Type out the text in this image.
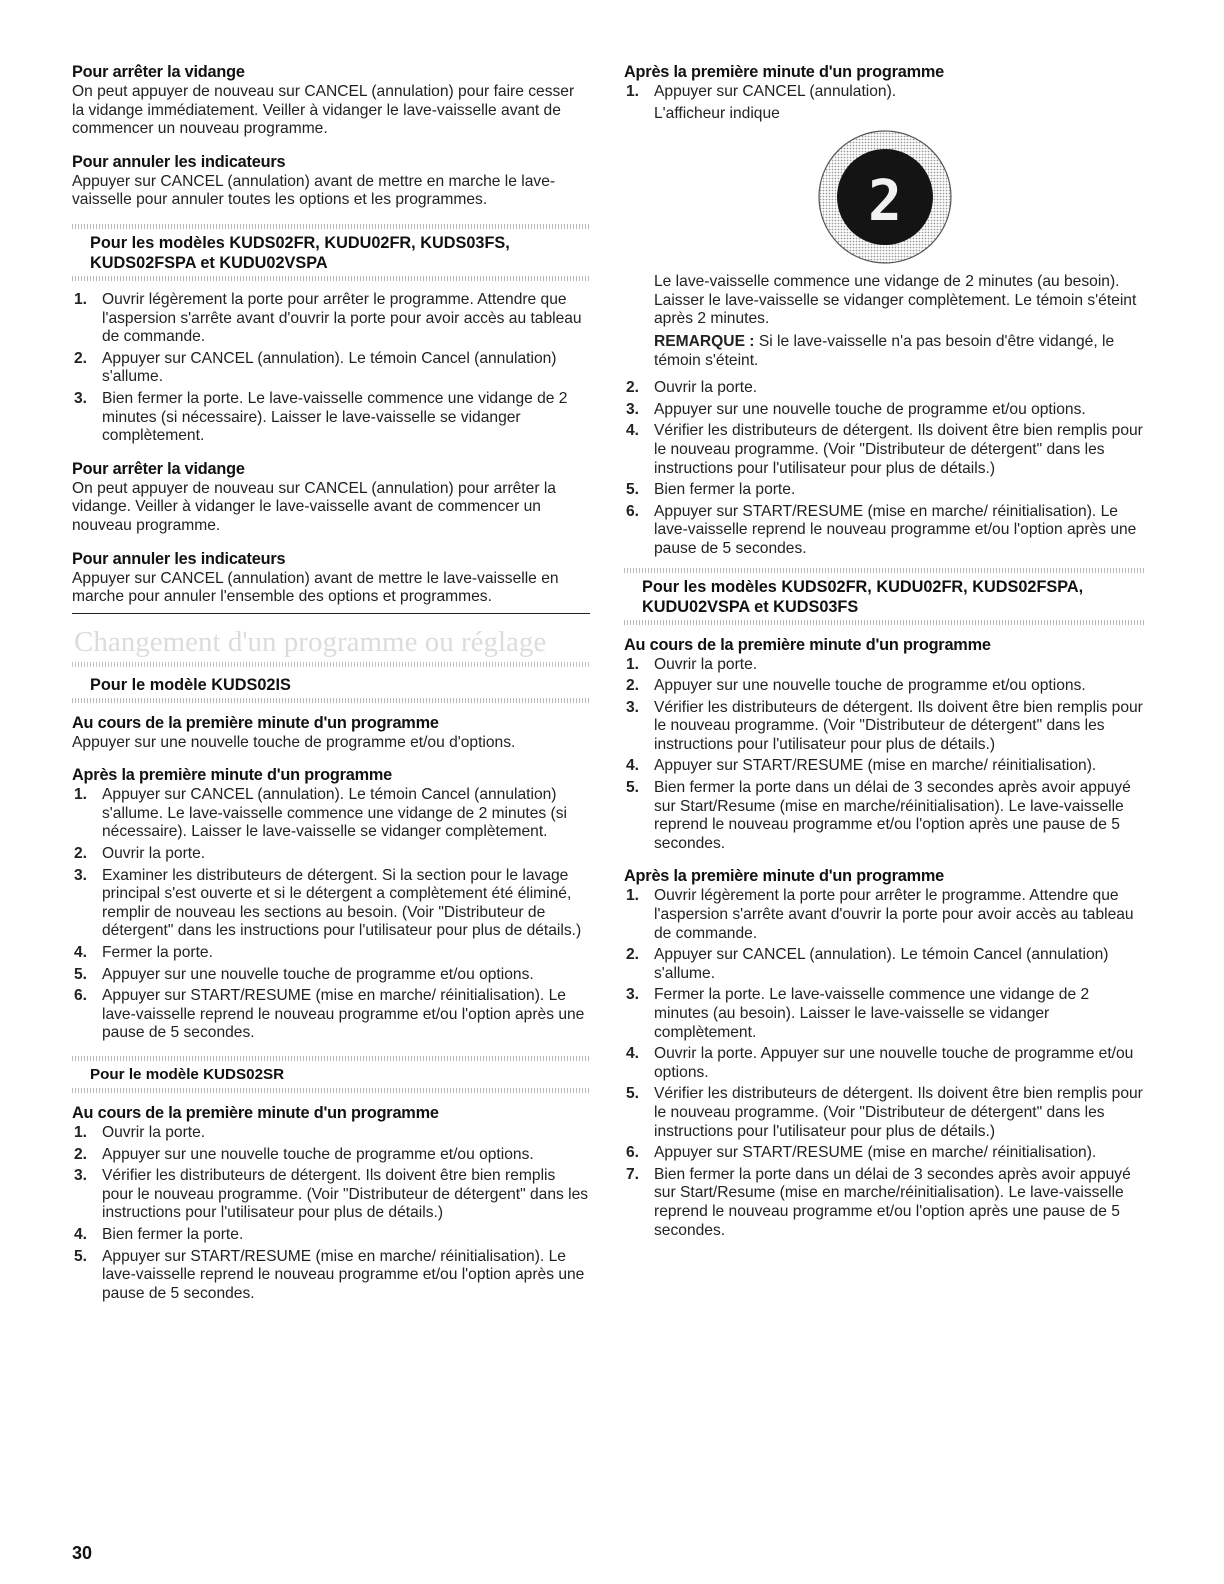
Pour arrêter la vidange

On peut appuyer de nouveau sur CANCEL (annulation) pour faire cesser la vidange immédiatement. Veiller à vidanger le lave-vaisselle avant de commencer un nouveau programme.

Pour annuler les indicateurs

Appuyer sur CANCEL (annulation) avant de mettre en marche le lave-vaisselle pour annuler toutes les options et les programmes.

Pour les modèles KUDS02FR, KUDU02FR, KUDS03FS, KUDS02FSPA et KUDU02VSPA
1. Ouvrir légèrement la porte pour arrêter le programme. Attendre que l'aspersion s'arrête avant d'ouvrir la porte pour avoir accès au tableau de commande.
2. Appuyer sur CANCEL (annulation). Le témoin Cancel (annulation) s'allume.
3. Bien fermer la porte. Le lave-vaisselle commence une vidange de 2 minutes (si nécessaire). Laisser le lave-vaisselle se vidanger complètement.
Pour arrêter la vidange

On peut appuyer de nouveau sur CANCEL (annulation) pour arrêter la vidange. Veiller à vidanger le lave-vaisselle avant de commencer un nouveau programme.

Pour annuler les indicateurs

Appuyer sur CANCEL (annulation) avant de mettre le lave-vaisselle en marche pour annuler l'ensemble des options et programmes.

Changement d'un programme ou réglage
Pour le modèle KUDS02IS
Au cours de la première minute d'un programme

Appuyer sur une nouvelle touche de programme et/ou d'options.

Après la première minute d'un programme
1. Appuyer sur CANCEL (annulation). Le témoin Cancel (annulation) s'allume. Le lave-vaisselle commence une vidange de 2 minutes (si nécessaire). Laisser le lave-vaisselle se vidanger complètement.
2. Ouvrir la porte.
3. Examiner les distributeurs de détergent. Si la section pour le lavage principal s'est ouverte et si le détergent a complètement été éliminé, remplir de nouveau les sections au besoin. (Voir "Distributeur de détergent" dans les instructions pour l'utilisateur pour plus de détails.)
4. Fermer la porte.
5. Appuyer sur une nouvelle touche de programme et/ou options.
6. Appuyer sur START/RESUME (mise en marche/ réinitialisation). Le lave-vaisselle reprend le nouveau programme et/ou l'option après une pause de 5 secondes.
Pour le modèle KUDS02SR
Au cours de la première minute d'un programme
1. Ouvrir la porte.
2. Appuyer sur une nouvelle touche de programme et/ou options.
3. Vérifier les distributeurs de détergent. Ils doivent être bien remplis pour le nouveau programme. (Voir "Distributeur de détergent" dans les instructions pour l'utilisateur pour plus de détails.)
4. Bien fermer la porte.
5. Appuyer sur START/RESUME (mise en marche/ réinitialisation). Le lave-vaisselle reprend le nouveau programme et/ou l'option après une pause de 5 secondes.
Après la première minute d'un programme
1. Appuyer sur CANCEL (annulation).

L'afficheur indique

2

Le lave-vaisselle commence une vidange de 2 minutes (au besoin). Laisser le lave-vaisselle se vidanger complètement. Le témoin s'éteint après 2 minutes.

REMARQUE : Si le lave-vaisselle n'a pas besoin d'être vidangé, le témoin s'éteint.
2. Ouvrir la porte.
3. Appuyer sur une nouvelle touche de programme et/ou options.
4. Vérifier les distributeurs de détergent. Ils doivent être bien remplis pour le nouveau programme. (Voir "Distributeur de détergent" dans les instructions pour l'utilisateur pour plus de détails.)
5. Bien fermer la porte.
6. Appuyer sur START/RESUME (mise en marche/ réinitialisation). Le lave-vaisselle reprend le nouveau programme et/ou l'option après une pause de 5 secondes.
Pour les modèles KUDS02FR, KUDU02FR, KUDS02FSPA, KUDU02VSPA et KUDS03FS
Au cours de la première minute d'un programme
1. Ouvrir la porte.
2. Appuyer sur une nouvelle touche de programme et/ou options.
3. Vérifier les distributeurs de détergent. Ils doivent être bien remplis pour le nouveau programme. (Voir "Distributeur de détergent" dans les instructions pour l'utilisateur pour plus de détails.)
4. Appuyer sur START/RESUME (mise en marche/ réinitialisation).
5. Bien fermer la porte dans un délai de 3 secondes après avoir appuyé sur Start/Resume (mise en marche/réinitialisation). Le lave-vaisselle reprend le nouveau programme et/ou l'option après une pause de 5 secondes.
Après la première minute d'un programme
1. Ouvrir légèrement la porte pour arrêter le programme. Attendre que l'aspersion s'arrête avant d'ouvrir la porte pour avoir accès au tableau de commande.
2. Appuyer sur CANCEL (annulation). Le témoin Cancel (annulation) s'allume.
3. Fermer la porte. Le lave-vaisselle commence une vidange de 2 minutes (au besoin). Laisser le lave-vaisselle se vidanger complètement.
4. Ouvrir la porte. Appuyer sur une nouvelle touche de programme et/ou options.
5. Vérifier les distributeurs de détergent. Ils doivent être bien remplis pour le nouveau programme. (Voir "Distributeur de détergent" dans les instructions pour l'utilisateur pour plus de détails.)
6. Appuyer sur START/RESUME (mise en marche/ réinitialisation).
7. Bien fermer la porte dans un délai de 3 secondes après avoir appuyé sur Start/Resume (mise en marche/réinitialisation). Le lave-vaisselle reprend le nouveau programme et/ou l'option après une pause de 5 secondes.
30
